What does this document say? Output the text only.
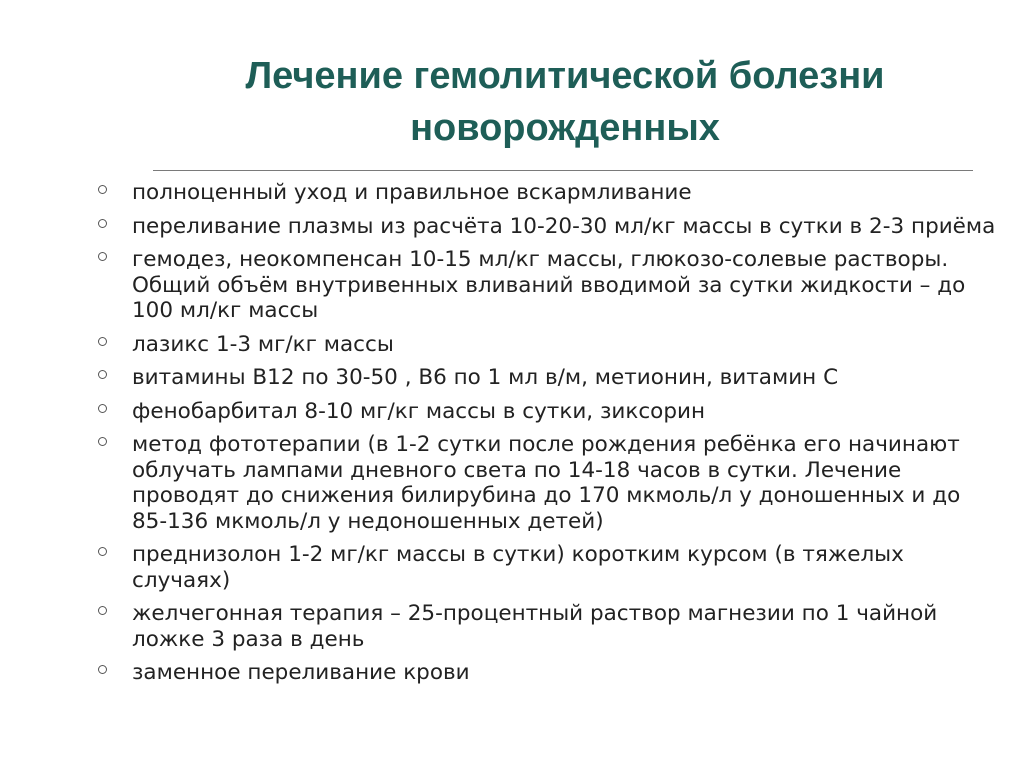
Лечение гемолитической болезни
новорожденных
полноценный уход и правильное вскармливание
переливание плазмы из расчёта 10-20-30 мл/кг массы в сутки в 2-3 приёма
гемодез, неокомпенсан 10-15 мл/кг массы, глюкозо-солевые растворы. Общий объём внутривенных вливаний вводимой за сутки жидкости – до 100 мл/кг массы
лазикс 1-3 мг/кг массы
витамины В12 по 30-50 , В6 по 1 мл в/м, метионин, витамин С
фенобарбитал 8-10 мг/кг массы в сутки, зиксорин
метод фототерапии (в 1-2 сутки после рождения ребёнка его начинают облучать лампами дневного света по 14-18 часов в сутки. Лечение проводят до снижения билирубина до 170 мкмоль/л у доношенных и до 85-136 мкмоль/л у недоношенных детей)
преднизолон 1-2 мг/кг массы в сутки) коротким курсом (в тяжелых случаях)
желчегонная терапия – 25-процентный раствор магнезии по 1 чайной ложке 3 раза в день
заменное переливание крови
